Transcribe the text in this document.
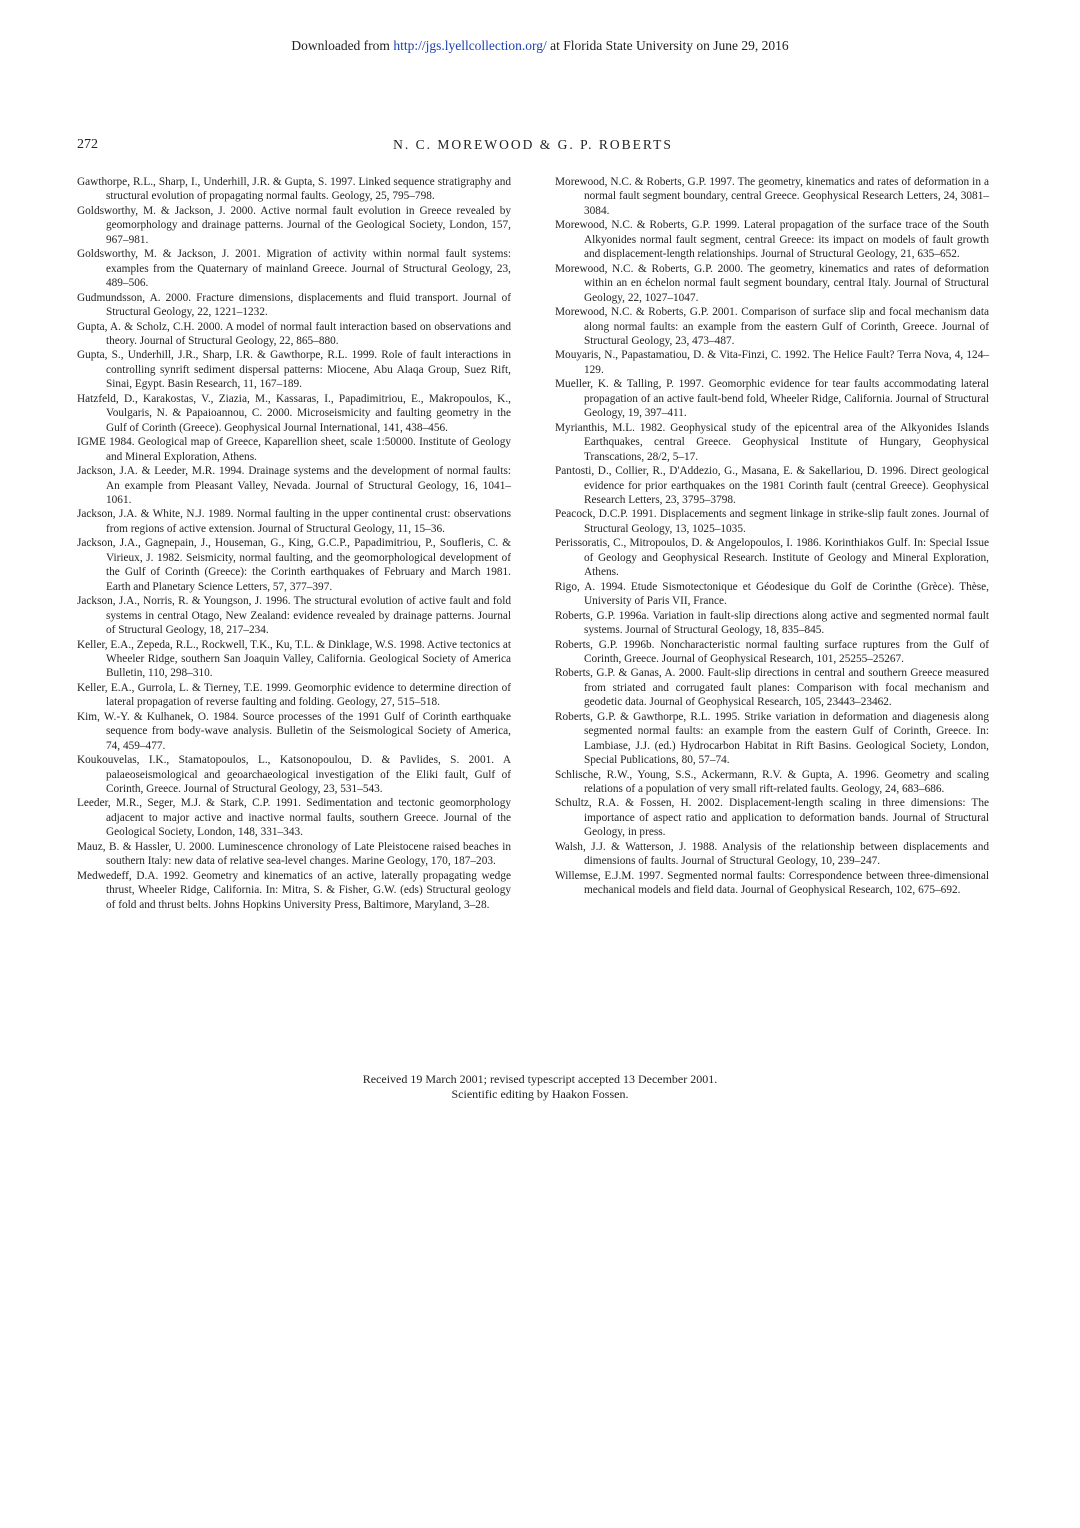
Downloaded from http://jgs.lyellcollection.org/ at Florida State University on June 29, 2016
272	N. C. MOREWOOD & G. P. ROBERTS

Gawthorpe, R.L., Sharp, I., Underhill, J.R. & Gupta, S. 1997. Linked sequence stratigraphy and structural evolution of propagating normal faults. Geology, 25, 795–798.

Goldsworthy, M. & Jackson, J. 2000. Active normal fault evolution in Greece revealed by geomorphology and drainage patterns. Journal of the Geological Society, London, 157, 967–981.

Goldsworthy, M. & Jackson, J. 2001. Migration of activity within normal fault systems: examples from the Quaternary of mainland Greece. Journal of Structural Geology, 23, 489–506.

Gudmundsson, A. 2000. Fracture dimensions, displacements and fluid transport. Journal of Structural Geology, 22, 1221–1232.

Gupta, A. & Scholz, C.H. 2000. A model of normal fault interaction based on observations and theory. Journal of Structural Geology, 22, 865–880.

Gupta, S., Underhill, J.R., Sharp, I.R. & Gawthorpe, R.L. 1999. Role of fault interactions in controlling synrift sediment dispersal patterns: Miocene, Abu Alaqa Group, Suez Rift, Sinai, Egypt. Basin Research, 11, 167–189.

Hatzfeld, D., Karakostas, V., Ziazia, M., Kassaras, I., Papadimitriou, E., Makropoulos, K., Voulgaris, N. & Papaioannou, C. 2000. Microseismicity and faulting geometry in the Gulf of Corinth (Greece). Geophysical Journal International, 141, 438–456.

IGME 1984. Geological map of Greece, Kaparellion sheet, scale 1:50000. Institute of Geology and Mineral Exploration, Athens.

Jackson, J.A. & Leeder, M.R. 1994. Drainage systems and the development of normal faults: An example from Pleasant Valley, Nevada. Journal of Structural Geology, 16, 1041–1061.

Jackson, J.A. & White, N.J. 1989. Normal faulting in the upper continental crust: observations from regions of active extension. Journal of Structural Geology, 11, 15–36.

Jackson, J.A., Gagnepain, J., Houseman, G., King, G.C.P., Papadimitriou, P., Soufleris, C. & Virieux, J. 1982. Seismicity, normal faulting, and the geomorphological development of the Gulf of Corinth (Greece): the Corinth earthquakes of February and March 1981. Earth and Planetary Science Letters, 57, 377–397.

Jackson, J.A., Norris, R. & Youngson, J. 1996. The structural evolution of active fault and fold systems in central Otago, New Zealand: evidence revealed by drainage patterns. Journal of Structural Geology, 18, 217–234.

Keller, E.A., Zepeda, R.L., Rockwell, T.K., Ku, T.L. & Dinklage, W.S. 1998. Active tectonics at Wheeler Ridge, southern San Joaquin Valley, California. Geological Society of America Bulletin, 110, 298–310.

Keller, E.A., Gurrola, L. & Tierney, T.E. 1999. Geomorphic evidence to determine direction of lateral propagation of reverse faulting and folding. Geology, 27, 515–518.

Kim, W.-Y. & Kulhanek, O. 1984. Source processes of the 1991 Gulf of Corinth earthquake sequence from body-wave analysis. Bulletin of the Seismological Society of America, 74, 459–477.

Koukouvelas, I.K., Stamatopoulos, L., Katsonopoulou, D. & Pavlides, S. 2001. A palaeoseismological and geoarchaeological investigation of the Eliki fault, Gulf of Corinth, Greece. Journal of Structural Geology, 23, 531–543.

Leeder, M.R., Seger, M.J. & Stark, C.P. 1991. Sedimentation and tectonic geomorphology adjacent to major active and inactive normal faults, southern Greece. Journal of the Geological Society, London, 148, 331–343.

Mauz, B. & Hassler, U. 2000. Luminescence chronology of Late Pleistocene raised beaches in southern Italy: new data of relative sea-level changes. Marine Geology, 170, 187–203.

Medwedeff, D.A. 1992. Geometry and kinematics of an active, laterally propagating wedge thrust, Wheeler Ridge, California. In: Mitra, S. & Fisher, G.W. (eds) Structural geology of fold and thrust belts. Johns Hopkins University Press, Baltimore, Maryland, 3–28.

Morewood, N.C. & Roberts, G.P. 1997. The geometry, kinematics and rates of deformation in a normal fault segment boundary, central Greece. Geophysical Research Letters, 24, 3081–3084.

Morewood, N.C. & Roberts, G.P. 1999. Lateral propagation of the surface trace of the South Alkyonides normal fault segment, central Greece: its impact on models of fault growth and displacement-length relationships. Journal of Structural Geology, 21, 635–652.

Morewood, N.C. & Roberts, G.P. 2000. The geometry, kinematics and rates of deformation within an en échelon normal fault segment boundary, central Italy. Journal of Structural Geology, 22, 1027–1047.

Morewood, N.C. & Roberts, G.P. 2001. Comparison of surface slip and focal mechanism data along normal faults: an example from the eastern Gulf of Corinth, Greece. Journal of Structural Geology, 23, 473–487.

Mouyaris, N., Papastamatiou, D. & Vita-Finzi, C. 1992. The Helice Fault? Terra Nova, 4, 124–129.

Mueller, K. & Talling, P. 1997. Geomorphic evidence for tear faults accommodating lateral propagation of an active fault-bend fold, Wheeler Ridge, California. Journal of Structural Geology, 19, 397–411.

Myrianthis, M.L. 1982. Geophysical study of the epicentral area of the Alkyonides Islands Earthquakes, central Greece. Geophysical Institute of Hungary, Geophysical Transcations, 28/2, 5–17.

Pantosti, D., Collier, R., D'Addezio, G., Masana, E. & Sakellariou, D. 1996. Direct geological evidence for prior earthquakes on the 1981 Corinth fault (central Greece). Geophysical Research Letters, 23, 3795–3798.

Peacock, D.C.P. 1991. Displacements and segment linkage in strike-slip fault zones. Journal of Structural Geology, 13, 1025–1035.

Perissoratis, C., Mitropoulos, D. & Angelopoulos, I. 1986. Korinthiakos Gulf. In: Special Issue of Geology and Geophysical Research. Institute of Geology and Mineral Exploration, Athens.

Rigo, A. 1994. Etude Sismotectonique et Géodesique du Golf de Corinthe (Grèce). Thèse, University of Paris VII, France.

Roberts, G.P. 1996a. Variation in fault-slip directions along active and segmented normal fault systems. Journal of Structural Geology, 18, 835–845.

Roberts, G.P. 1996b. Noncharacteristic normal faulting surface ruptures from the Gulf of Corinth, Greece. Journal of Geophysical Research, 101, 25255–25267.

Roberts, G.P. & Ganas, A. 2000. Fault-slip directions in central and southern Greece measured from striated and corrugated fault planes: Comparison with focal mechanism and geodetic data. Journal of Geophysical Research, 105, 23443–23462.

Roberts, G.P. & Gawthorpe, R.L. 1995. Strike variation in deformation and diagenesis along segmented normal faults: an example from the eastern Gulf of Corinth, Greece. In: Lambiase, J.J. (ed.) Hydrocarbon Habitat in Rift Basins. Geological Society, London, Special Publications, 80, 57–74.

Schlische, R.W., Young, S.S., Ackermann, R.V. & Gupta, A. 1996. Geometry and scaling relations of a population of very small rift-related faults. Geology, 24, 683–686.

Schultz, R.A. & Fossen, H. 2002. Displacement-length scaling in three dimensions: The importance of aspect ratio and application to deformation bands. Journal of Structural Geology, in press.

Walsh, J.J. & Watterson, J. 1988. Analysis of the relationship between displacements and dimensions of faults. Journal of Structural Geology, 10, 239–247.

Willemse, E.J.M. 1997. Segmented normal faults: Correspondence between three-dimensional mechanical models and field data. Journal of Geophysical Research, 102, 675–692.

Received 19 March 2001; revised typescript accepted 13 December 2001.
Scientific editing by Haakon Fossen.
